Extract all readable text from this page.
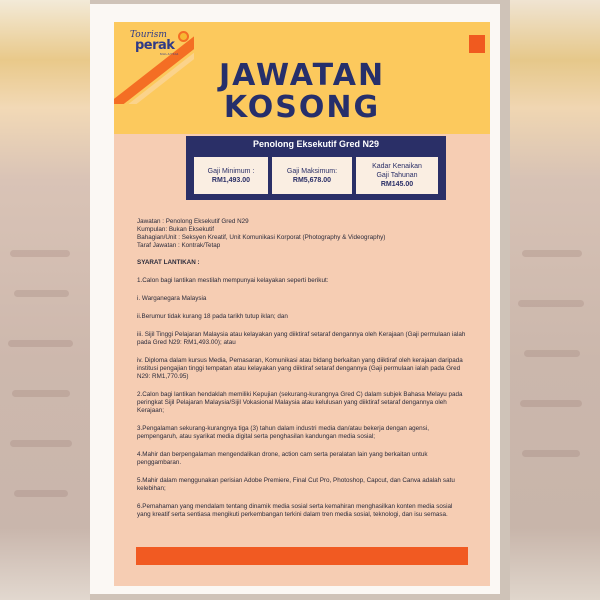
Tourism
perak
MALAYSIA
JAWATAN
KOSONG
Penolong Eksekutif Gred N29
Gaji Minimum :
RM1,493.00
Gaji Maksimum:
RM5,678.00
Kadar Kenaikan
Gaji Tahunan
RM145.00

Jawatan : Penolong Eksekutif Gred N29

Kumpulan: Bukan Eksekutif

Bahagian/Unit : Seksyen Kreatif, Unit Komunikasi Korporat (Photography & Videography)

Taraf Jawatan : Kontrak/Tetap

SYARAT LANTIKAN :

1.Calon bagi lantikan mestilah mempunyai kelayakan seperti berikut:

i. Warganegara Malaysia

ii.Berumur tidak kurang 18 pada tarikh tutup iklan; dan

iii. Sijil Tinggi Pelajaran Malaysia atau kelayakan yang diiktiraf setaraf dengannya oleh Kerajaan (Gaji permulaan ialah pada Gred N29: RM1,493.00); atau

iv. Diploma dalam kursus Media, Pemasaran, Komunikasi atau bidang berkaitan yang diiktiraf oleh kerajaan daripada institusi pengajian tinggi tempatan atau kelayakan yang diiktiraf setaraf dengannya (Gaji permulaan ialah pada Gred N29: RM1,770.95)

2.Calon bagi lantikan hendaklah memiliki Kepujian (sekurang-kurangnya Gred C) dalam subjek Bahasa Melayu pada peringkat Sijil Pelajaran Malaysia/Sijil Vokasional Malaysia atau kelulusan yang diiktiraf setaraf dengannya oleh Kerajaan;

3.Pengalaman sekurang-kurangnya tiga (3) tahun dalam industri media dan/atau bekerja dengan agensi, pempengaruh, atau syarikat media digital serta penghasilan kandungan media sosial;

4.Mahir dan berpengalaman mengendalikan drone, action cam serta peralatan lain yang berkaitan untuk penggambaran.

5.Mahir dalam menggunakan perisian Adobe Premiere, Final Cut Pro, Photoshop, Capcut, dan Canva adalah satu kelebihan;

6.Pemahaman yang mendalam tentang dinamik media sosial serta kemahiran menghasilkan konten media sosial yang kreatif serta sentiasa mengikuti perkembangan terkini dalam tren media sosial, teknologi, dan isu semasa.
